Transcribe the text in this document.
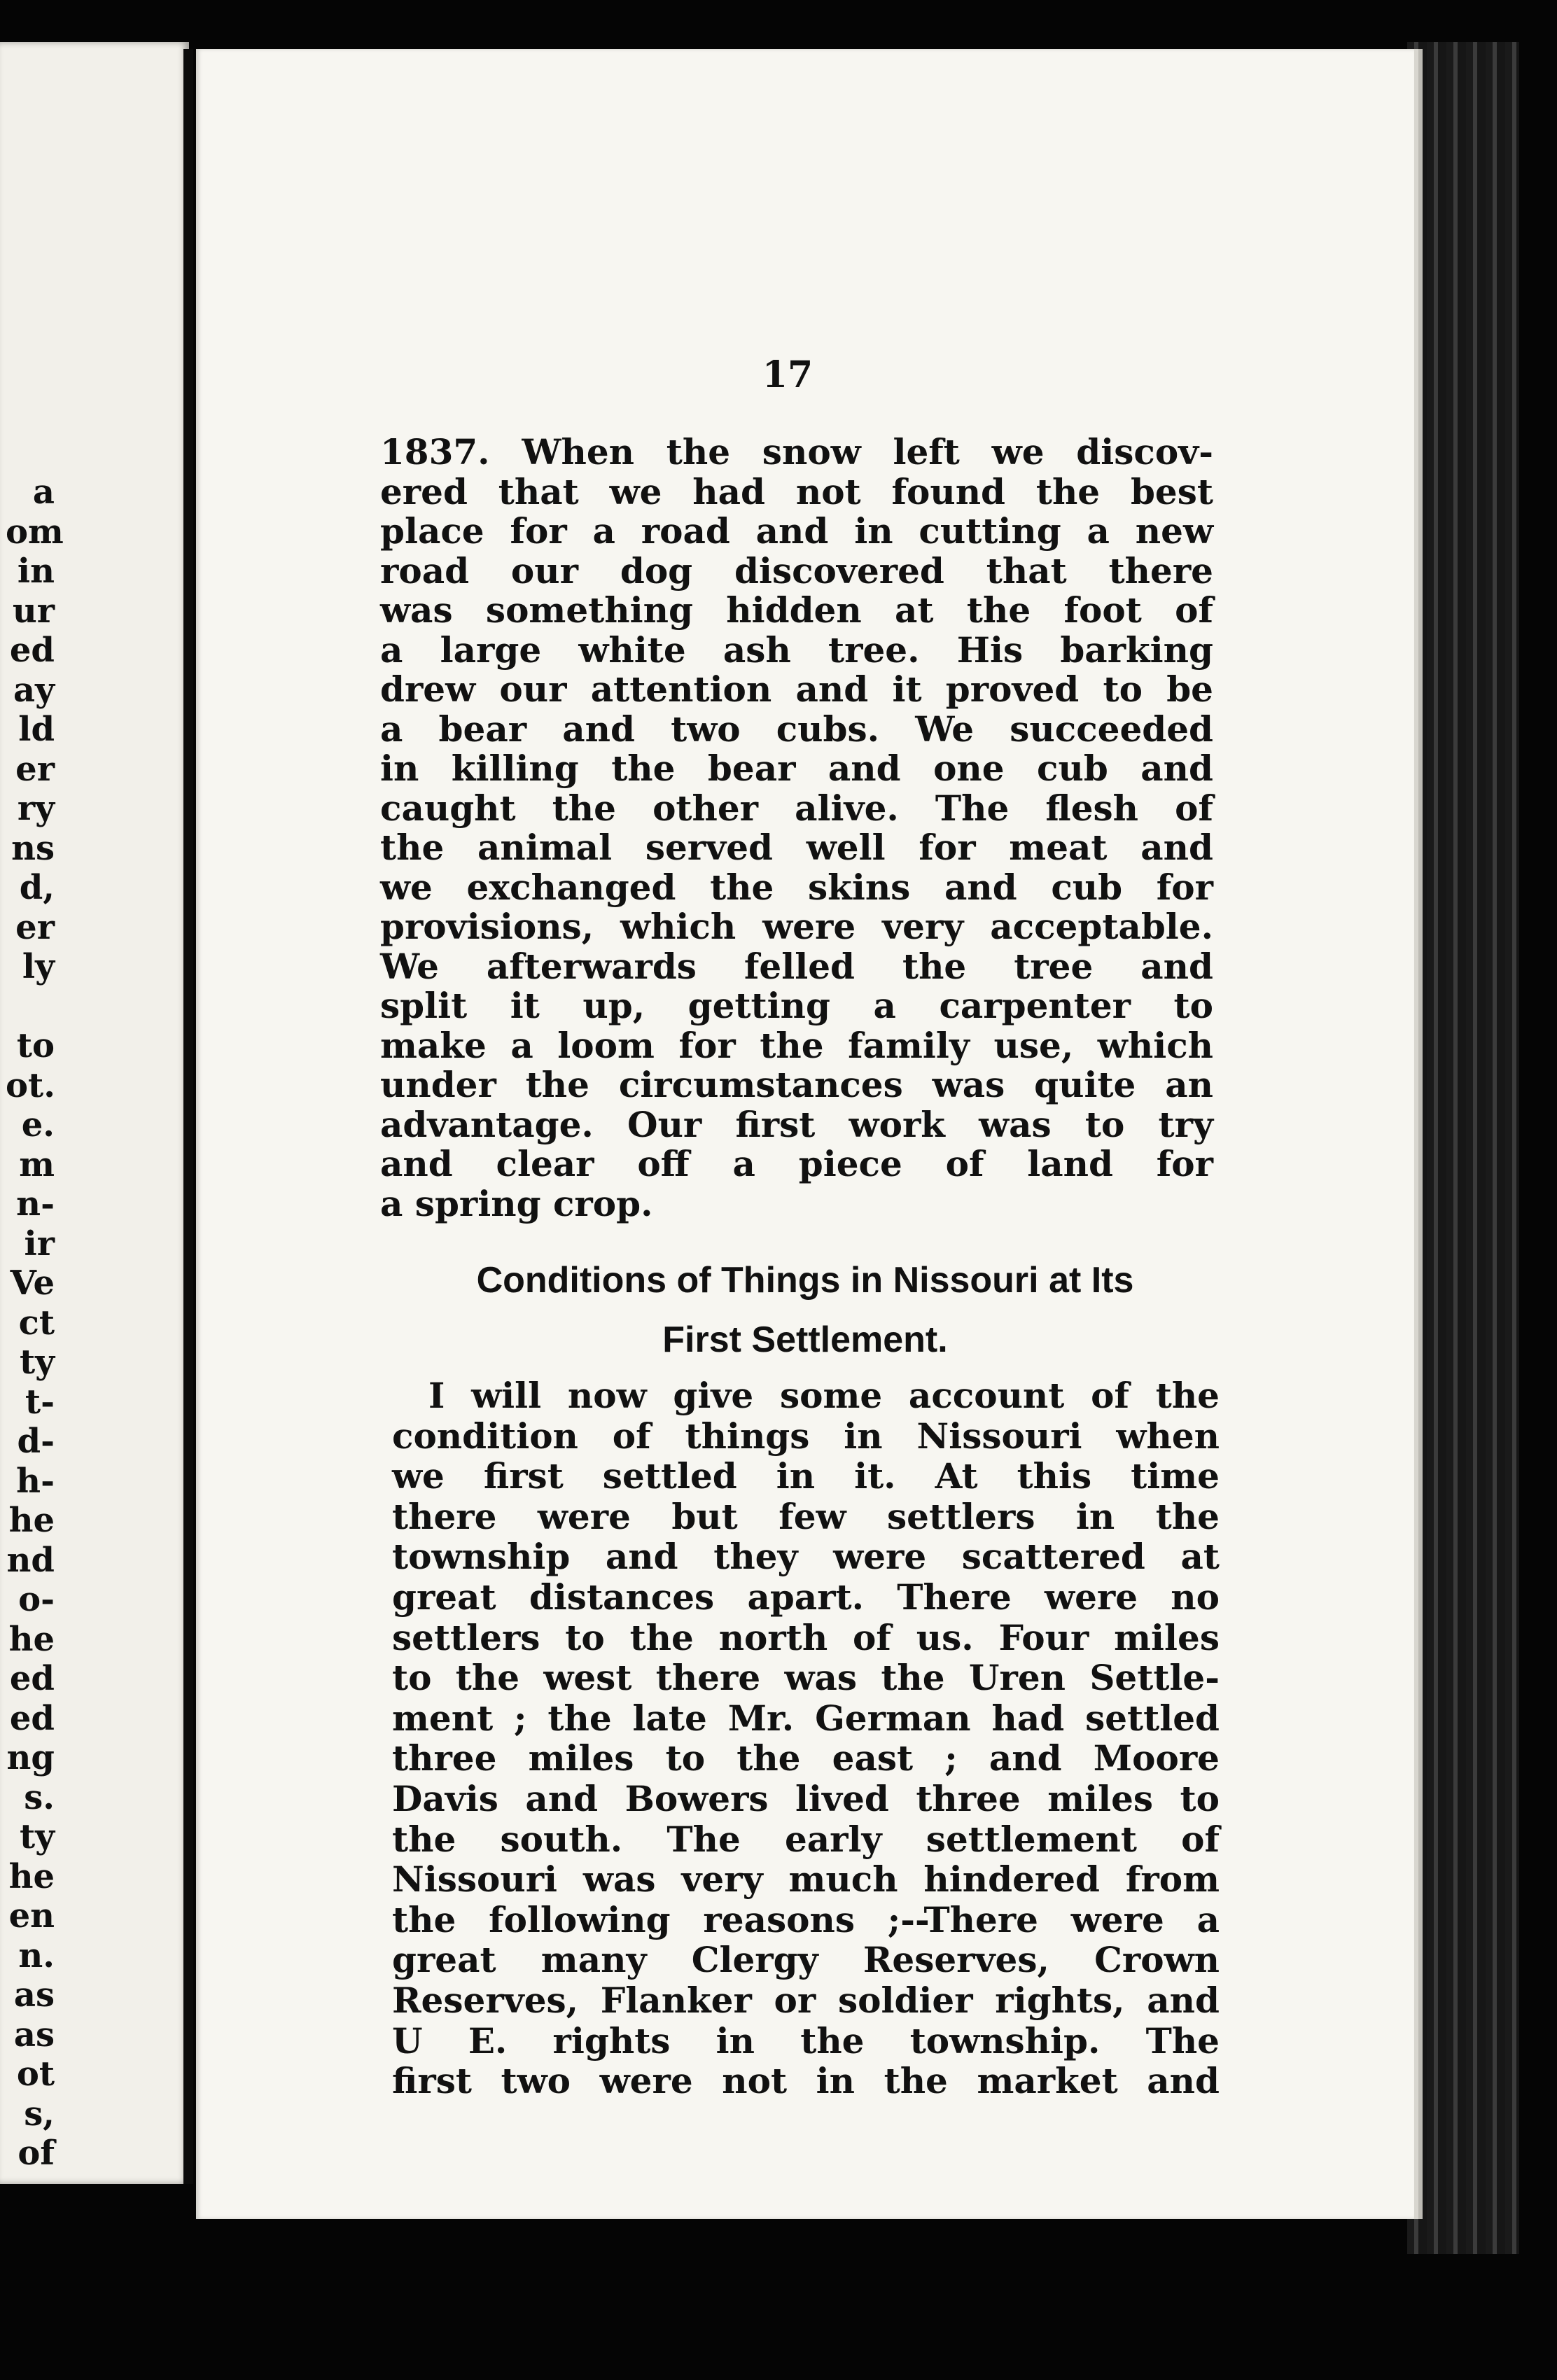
a
om
in
ur
ed
ay
ld
er
ry
ns
d,
er
ly
to
ot.
e.
m
n-
ir
Ve
ct
ty
t-
d-
h-
he
nd
o-
he
ed
ed
ng
s.
ty
he
en
n.
as
as
ot
s,
of
17
1837. When the snow left we discov-
ered that we had not found the best
place for a road and in cutting a new
road our dog discovered that there
was something hidden at the foot of
a large white ash tree. His barking
drew our attention and it proved to be
a bear and two cubs. We succeeded
in killing the bear and one cub and
caught the other alive. The flesh of
the animal served well for meat and
we exchanged the skins and cub for
provisions, which were very acceptable.
We afterwards felled the tree and
split it up, getting a carpenter to
make a loom for the family use, which
under the circumstances was quite an
advantage. Our first work was to try
and clear off a piece of land for
a spring crop.
Conditions of Things in Nissouri at Its
First Settlement.
I will now give some account of the
condition of things in Nissouri when
we first settled in it. At this time
there were but few settlers in the
township and they were scattered at
great distances apart. There were no
settlers to the north of us. Four miles
to the west there was the Uren Settle-
ment ; the late Mr. German had settled
three miles to the east ; and Moore
Davis and Bowers lived three miles to
the south. The early settlement of
Nissouri was very much hindered from
the following reasons ;--There were a
great many Clergy Reserves, Crown
Reserves, Flanker or soldier rights, and
U E. rights in the township. The
first two were not in the market and
